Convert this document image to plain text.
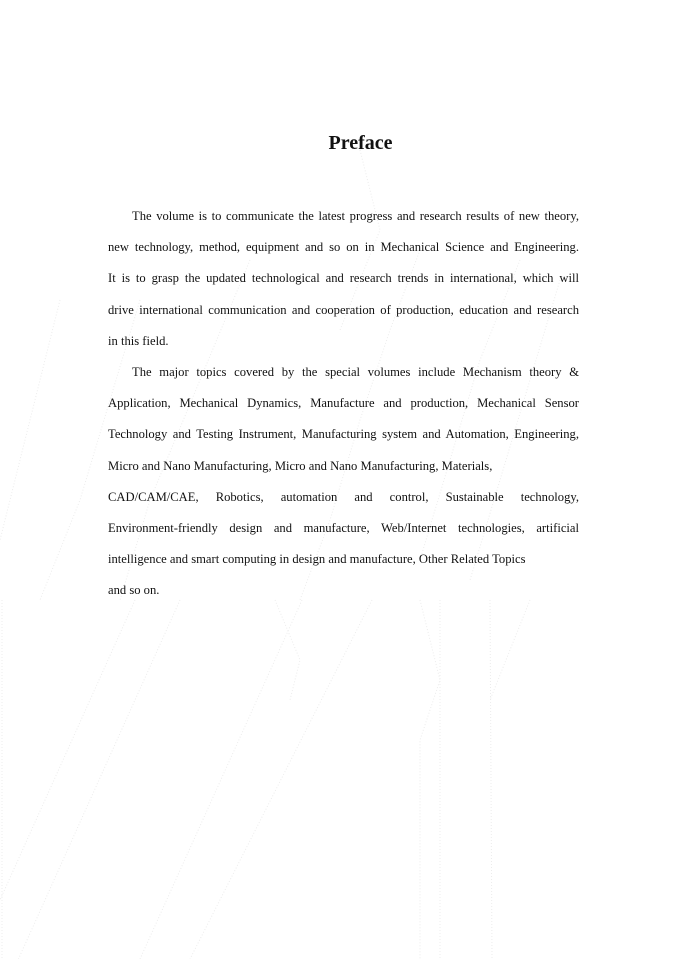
Preface

The volume is to communicate the latest progress and research results of new theory,
new technology, method, equipment and so on in Mechanical Science and Engineering.
It is to grasp the updated technological and research trends in international, which will
drive international communication and cooperation of production, education and research
in this field.

The major topics covered by the special volumes include Mechanism theory &
Application, Mechanical Dynamics, Manufacture and production, Mechanical Sensor
Technology and Testing Instrument, Manufacturing system and Automation, Engineering,
Micro and Nano Manufacturing, Micro and Nano Manufacturing, Materials,
CAD/CAM/CAE, Robotics, automation and control, Sustainable technology,
Environment-friendly design and manufacture, Web/Internet technologies, artificial
intelligence and smart computing in design and manufacture, Other Related Topics
and so on.
